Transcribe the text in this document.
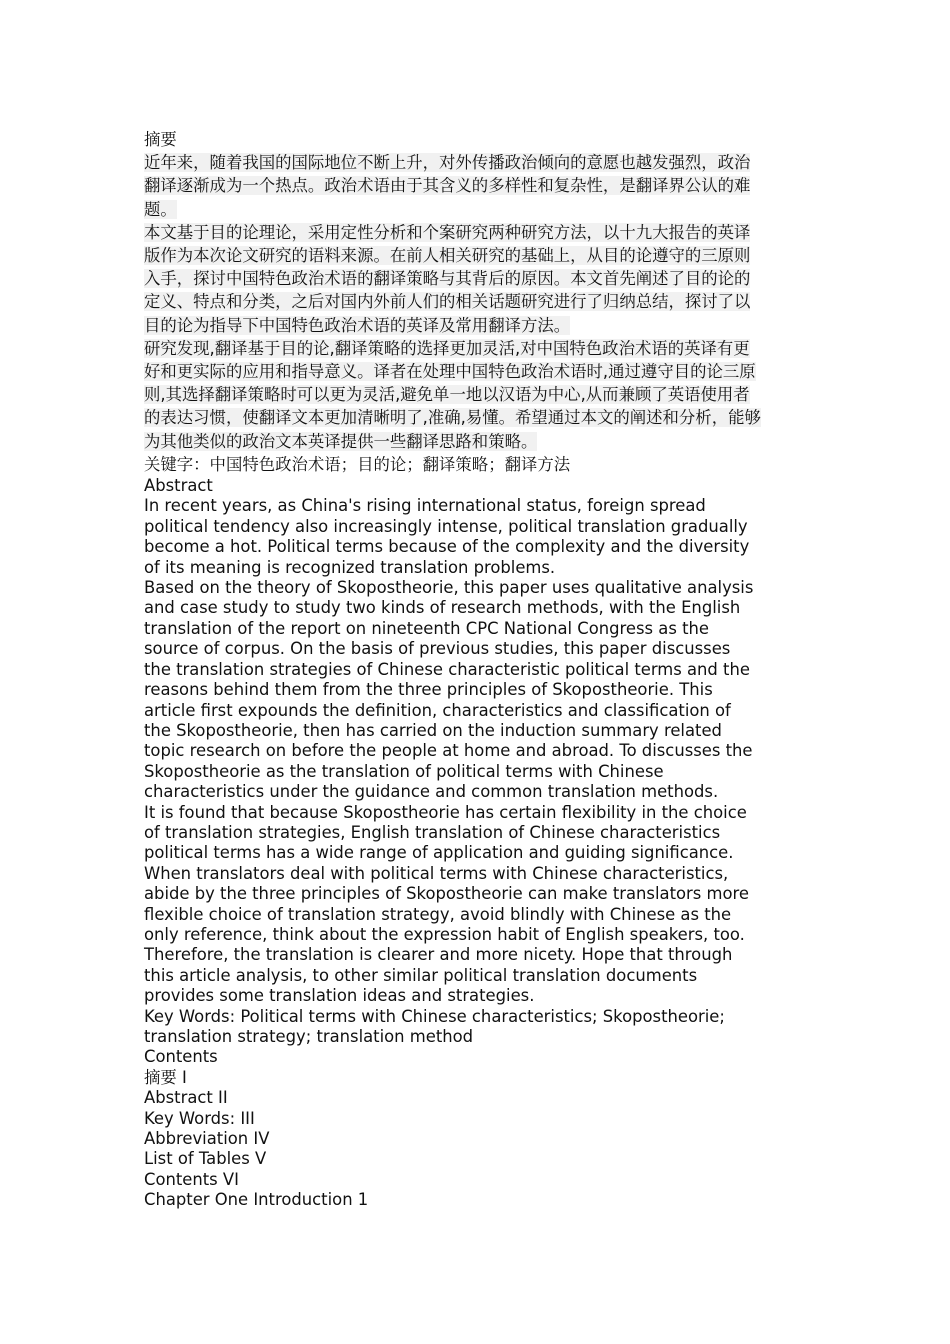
摘要
近年来，随着我国的国际地位不断上升，对外传播政治倾向的意愿也越发强烈，政治
翻译逐渐成为一个热点。政治术语由于其含义的多样性和复杂性，是翻译界公认的难
题。
本文基于目的论理论，采用定性分析和个案研究两种研究方法，以十九大报告的英译
版作为本次论文研究的语料来源。在前人相关研究的基础上，从目的论遵守的三原则
入手，探讨中国特色政治术语的翻译策略与其背后的原因。本文首先阐述了目的论的
定义、特点和分类，之后对国内外前人们的相关话题研究进行了归纳总结，探讨了以
目的论为指导下中国特色政治术语的英译及常用翻译方法。
研究发现,翻译基于目的论,翻译策略的选择更加灵活,对中国特色政治术语的英译有更
好和更实际的应用和指导意义。译者在处理中国特色政治术语时,通过遵守目的论三原
则,其选择翻译策略时可以更为灵活,避免单一地以汉语为中心,从而兼顾了英语使用者
的表达习惯，使翻译文本更加清晰明了,准确,易懂。希望通过本文的阐述和分析，能够
为其他类似的政治文本英译提供一些翻译思路和策略。
关键字：中国特色政治术语；目的论；翻译策略；翻译方法
Abstract
In recent years, as China's rising international status, foreign spread
political tendency also increasingly intense, political translation gradually
become a hot. Political terms because of the complexity and the diversity
of its meaning is recognized translation problems.
Based on the theory of Skopostheorie, this paper uses qualitative analysis
and case study to study two kinds of research methods, with the English
translation of the report on nineteenth CPC National Congress as the
source of corpus. On the basis of previous studies, this paper discusses
the translation strategies of Chinese characteristic political terms and the
reasons behind them from the three principles of Skopostheorie. This
article first expounds the definition, characteristics and classification of
the Skopostheorie, then has carried on the induction summary related
topic research on before the people at home and abroad. To discusses the
Skopostheorie as the translation of political terms with Chinese
characteristics under the guidance and common translation methods.
It is found that because Skopostheorie has certain flexibility in the choice
of translation strategies, English translation of Chinese characteristics
political terms has a wide range of application and guiding significance.
When translators deal with political terms with Chinese characteristics,
abide by the three principles of Skopostheorie can make translators more
flexible choice of translation strategy, avoid blindly with Chinese as the
only reference, think about the expression habit of English speakers, too.
Therefore, the translation is clearer and more nicety. Hope that through
this article analysis, to other similar political translation documents
provides some translation ideas and strategies.
Key Words: Political terms with Chinese characteristics; Skopostheorie;
translation strategy; translation method
Contents
摘要 I
Abstract II
Key Words: III
Abbreviation IV
List of Tables V
Contents VI
Chapter One Introduction 1
